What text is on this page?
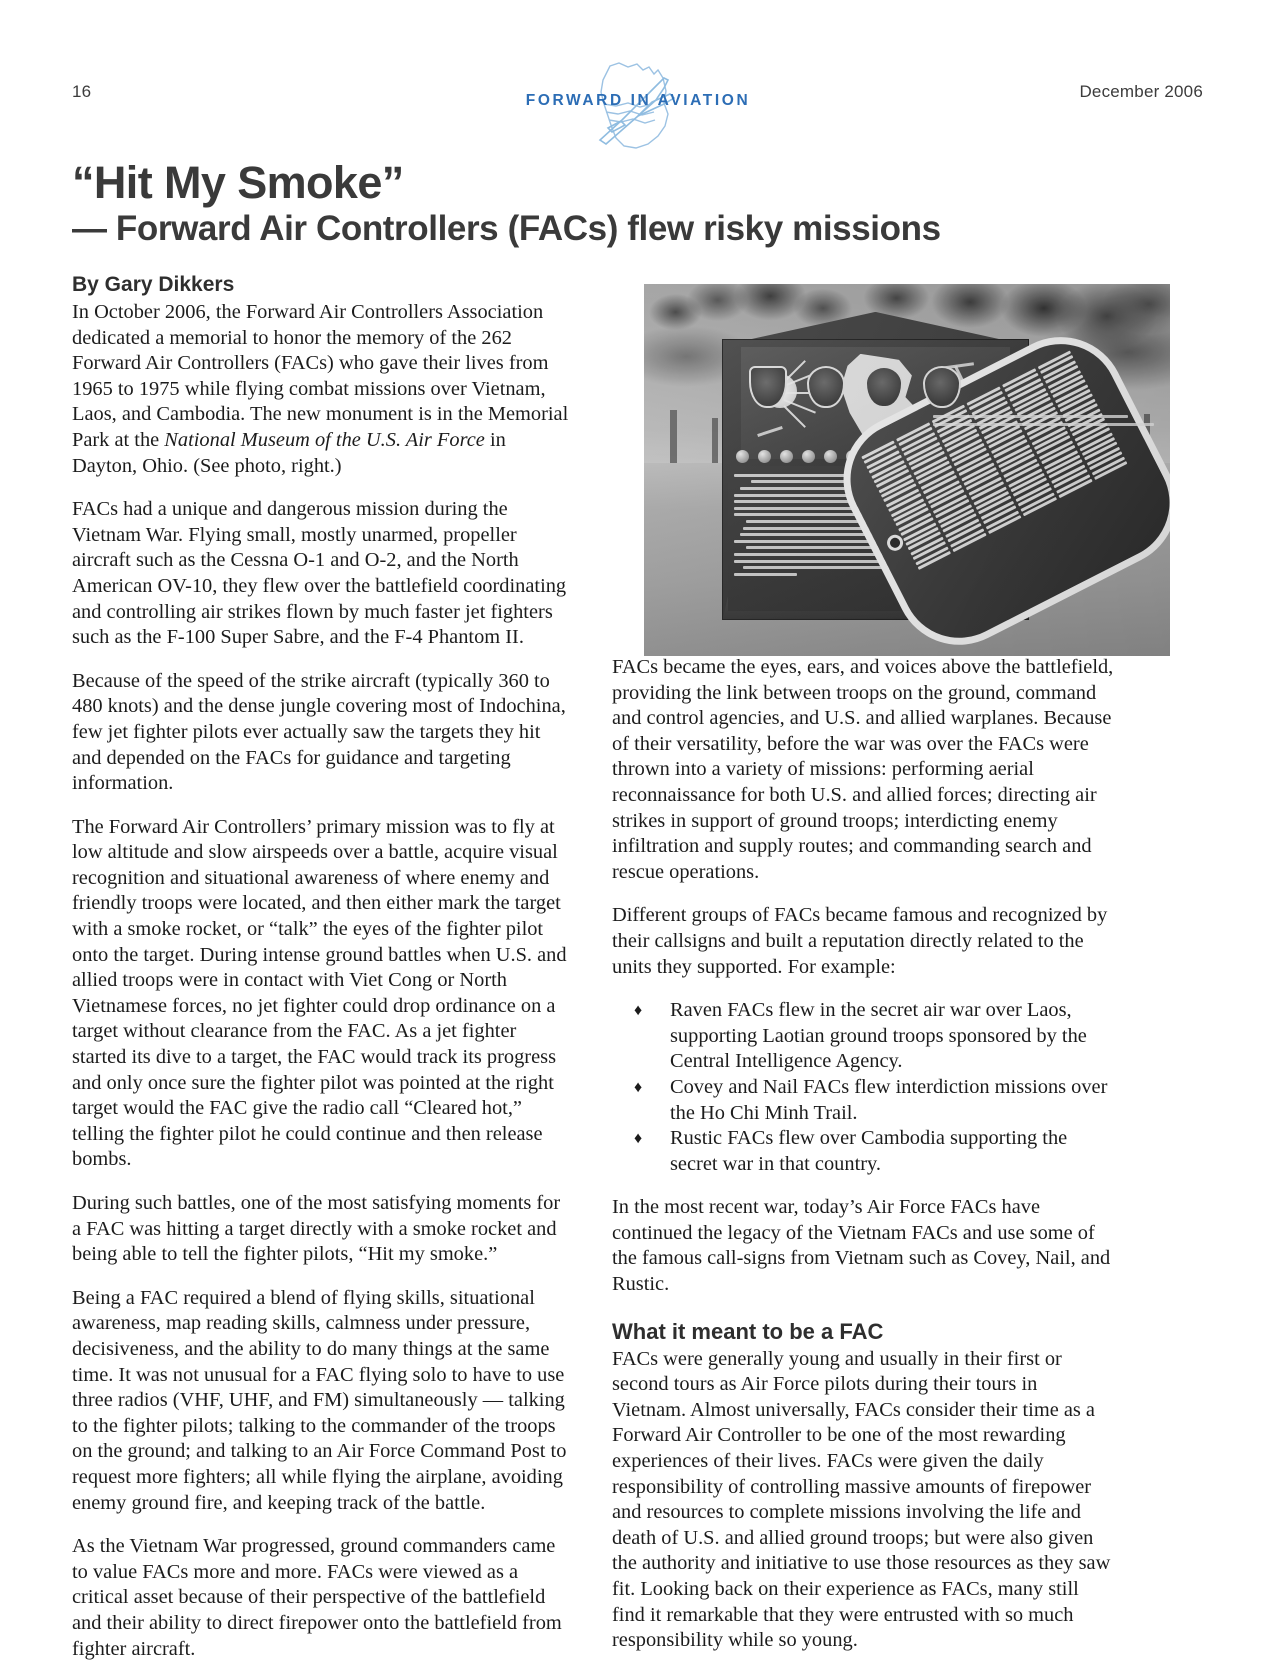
16	FORWARD IN AVIATION	December 2006
“Hit My Smoke”
— Forward Air Controllers (FACs) flew risky missions
By Gary Dikkers

In October 2006, the Forward Air Controllers Association dedicated a memorial to honor the memory of the 262 Forward Air Controllers (FACs) who gave their lives from 1965 to 1975 while flying combat missions over Vietnam, Laos, and Cambodia. The new monument is in the Memorial Park at the National Museum of the U.S. Air Force in Dayton, Ohio. (See photo, right.)

FACs had a unique and dangerous mission during the Vietnam War. Flying small, mostly unarmed, propeller aircraft such as the Cessna O-1 and O-2, and the North American OV-10, they flew over the battlefield coordinating and controlling air strikes flown by much faster jet fighters such as the F-100 Super Sabre, and the F-4 Phantom II.

Because of the speed of the strike aircraft (typically 360 to 480 knots) and the dense jungle covering most of Indochina, few jet fighter pilots ever actually saw the targets they hit and depended on the FACs for guidance and targeting information.

The Forward Air Controllers’ primary mission was to fly at low altitude and slow airspeeds over a battle, acquire visual recognition and situational awareness of where enemy and friendly troops were located, and then either mark the target with a smoke rocket, or “talk” the eyes of the fighter pilot onto the target. During intense ground battles when U.S. and allied troops were in contact with Viet Cong or North Vietnamese forces, no jet fighter could drop ordinance on a target without clearance from the FAC. As a jet fighter started its dive to a target, the FAC would track its progress and only once sure the fighter pilot was pointed at the right target would the FAC give the radio call “Cleared hot,” telling the fighter pilot he could continue and then release bombs.

During such battles, one of the most satisfying moments for a FAC was hitting a target directly with a smoke rocket and being able to tell the fighter pilots, “Hit my smoke.”

Being a FAC required a blend of flying skills, situational awareness, map reading skills, calmness under pressure, decisiveness, and the ability to do many things at the same time. It was not unusual for a FAC flying solo to have to use three radios (VHF, UHF, and FM) simultaneously — talking to the fighter pilots; talking to the commander of the troops on the ground; and talking to an Air Force Command Post to request more fighters; all while flying the airplane, avoiding enemy ground fire, and keeping track of the battle.

As the Vietnam War progressed, ground commanders came to value FACs more and more. FACs were viewed as a critical asset because of their perspective of the battlefield and their ability to direct firepower onto the battlefield from fighter aircraft.

FACs became the eyes, ears, and voices above the battlefield, providing the link between troops on the ground, command and control agencies, and U.S. and allied warplanes. Because of their versatility, before the war was over the FACs were thrown into a variety of missions: performing aerial reconnaissance for both U.S. and allied forces; directing air strikes in support of ground troops; interdicting enemy infiltration and supply routes; and commanding search and rescue operations.

Different groups of FACs became famous and recognized by their callsigns and built a reputation directly related to the units they supported. For example:

♦ Raven FACs flew in the secret air war over Laos, supporting Laotian ground troops sponsored by the Central Intelligence Agency.
♦ Covey and Nail FACs flew interdiction missions over the Ho Chi Minh Trail.
♦ Rustic FACs flew over Cambodia supporting the secret war in that country.

In the most recent war, today’s Air Force FACs have continued the legacy of the Vietnam FACs and use some of the famous call-signs from Vietnam such as Covey, Nail, and Rustic.

What it meant to be a FAC

FACs were generally young and usually in their first or second tours as Air Force pilots during their tours in Vietnam. Almost universally, FACs consider their time as a Forward Air Controller to be one of the most rewarding experiences of their lives. FACs were given the daily responsibility of controlling massive amounts of firepower and resources to complete missions involving the life and death of U.S. and allied ground troops; but were also given the authority and initiative to use those resources as they saw fit. Looking back on their experience as FACs, many still find it remarkable that they were entrusted with so much responsibility while so young.
